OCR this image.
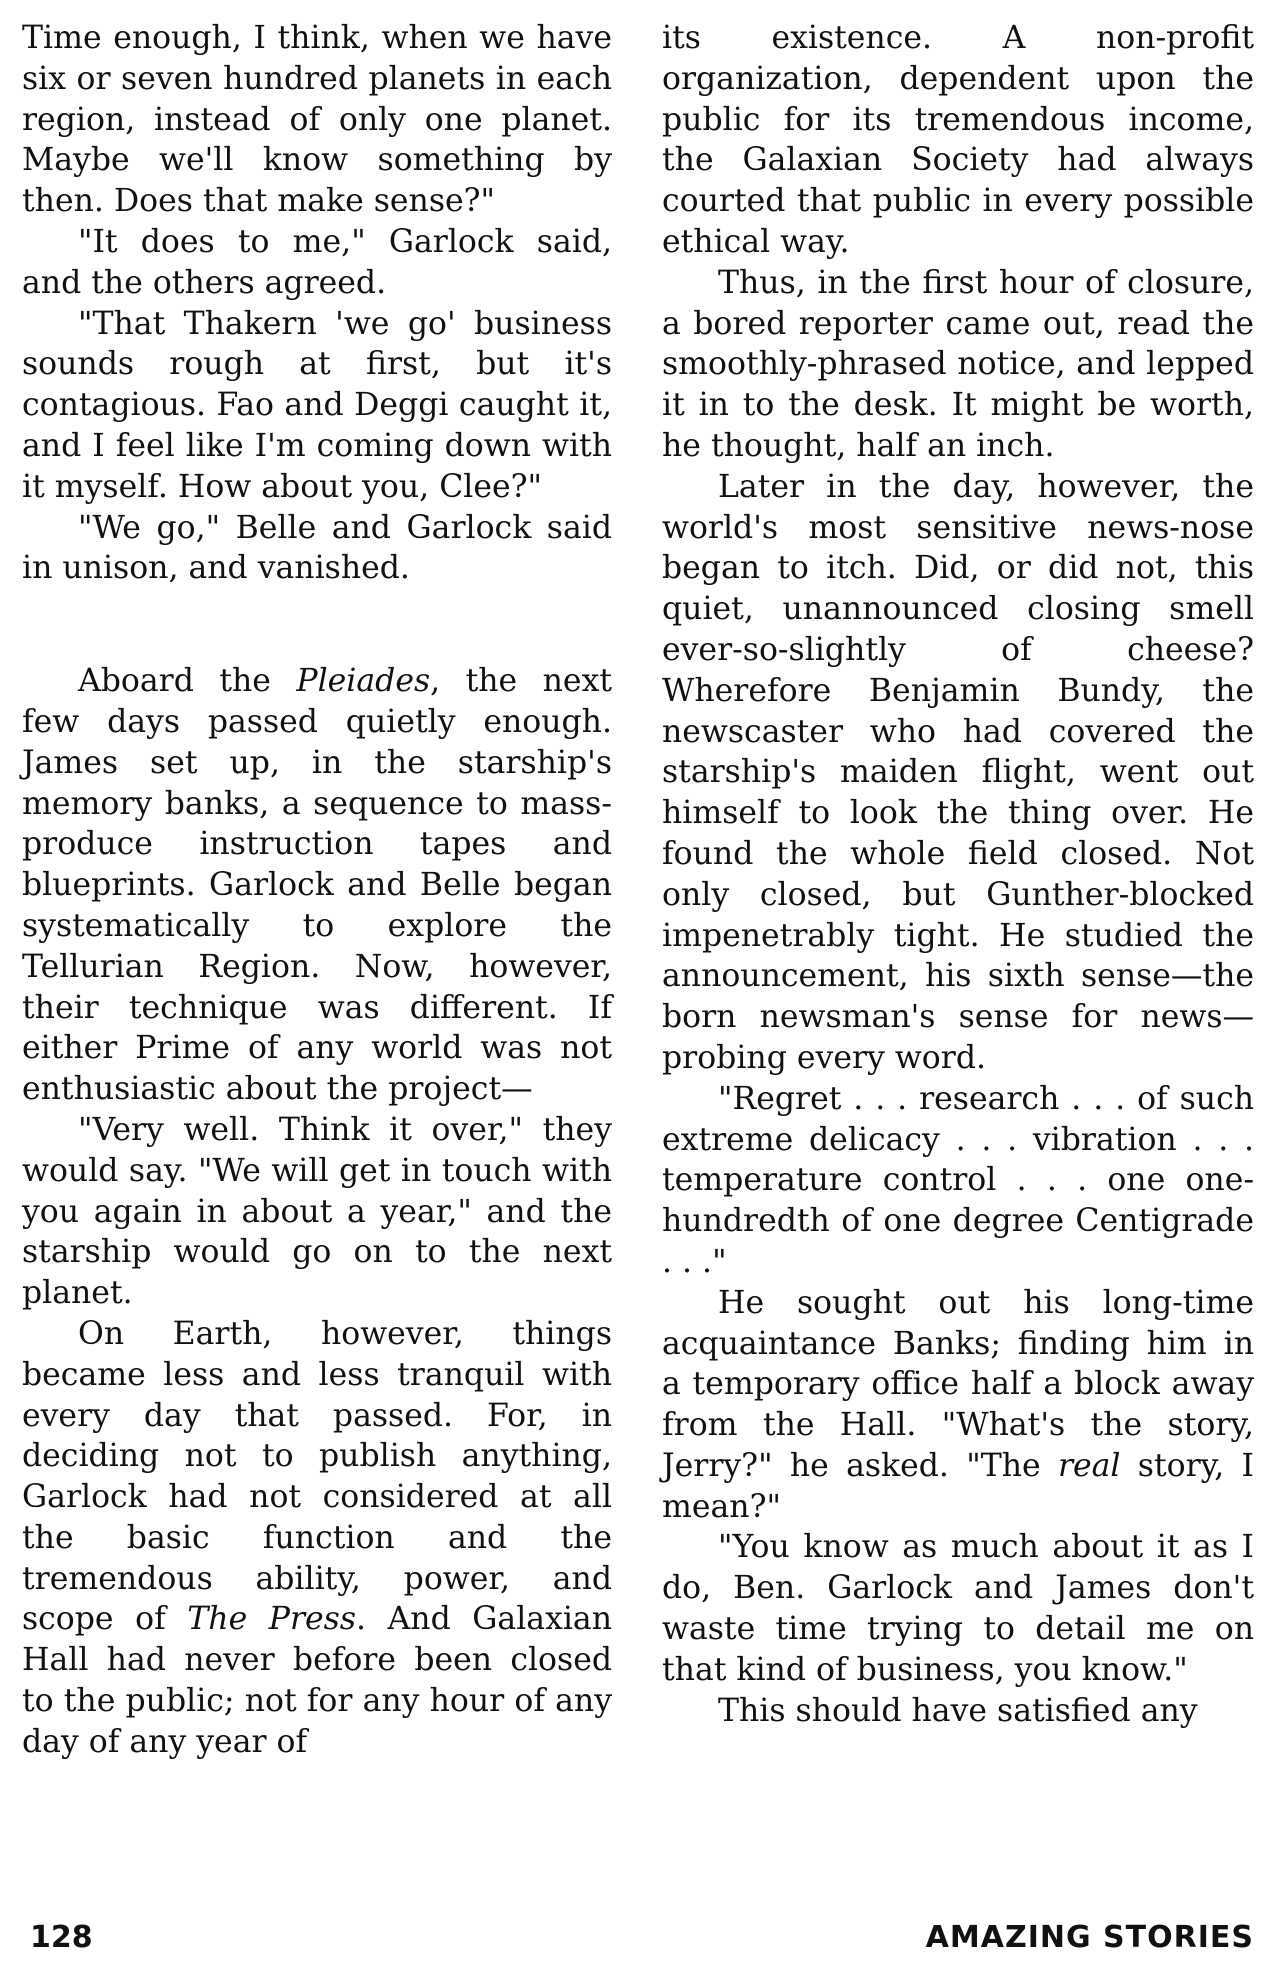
Time enough, I think, when we have six or seven hundred planets in each region, instead of only one planet. Maybe we'll know something by then. Does that make sense?"

"It does to me," Garlock said, and the others agreed.

"That Thakern 'we go' business sounds rough at first, but it's contagious. Fao and Deggi caught it, and I feel like I'm coming down with it myself. How about you, Clee?"

"We go," Belle and Garlock said in unison, and vanished.

Aboard the Pleiades, the next few days passed quietly enough. James set up, in the starship's memory banks, a sequence to mass-produce instruction tapes and blueprints. Garlock and Belle began systematically to explore the Tellurian Region. Now, however, their technique was different. If either Prime of any world was not enthusiastic about the project—

"Very well. Think it over," they would say. "We will get in touch with you again in about a year," and the starship would go on to the next planet.

On Earth, however, things became less and less tranquil with every day that passed. For, in deciding not to publish anything, Garlock had not considered at all the basic function and the tremendous ability, power, and scope of The Press. And Galaxian Hall had never before been closed to the public; not for any hour of any day of any year of

its existence. A non-profit organization, dependent upon the public for its tremendous income, the Galaxian Society had always courted that public in every possible ethical way.

Thus, in the first hour of closure, a bored reporter came out, read the smoothly-phrased notice, and lepped it in to the desk. It might be worth, he thought, half an inch.

Later in the day, however, the world's most sensitive news-nose began to itch. Did, or did not, this quiet, unannounced closing smell ever-so-slightly of cheese? Wherefore Benjamin Bundy, the newscaster who had covered the starship's maiden flight, went out himself to look the thing over. He found the whole field closed. Not only closed, but Gunther-blocked impenetrably tight. He studied the announcement, his sixth sense—the born newsman's sense for news—probing every word.

"Regret . . . research . . . of such extreme delicacy . . . vibration . . . temperature control . . . one one-hundredth of one degree Centigrade . . ."

He sought out his long-time acquaintance Banks; finding him in a temporary office half a block away from the Hall. "What's the story, Jerry?" he asked. "The real story, I mean?"

"You know as much about it as I do, Ben. Garlock and James don't waste time trying to detail me on that kind of business, you know."

This should have satisfied any

128	AMAZING STORIES
